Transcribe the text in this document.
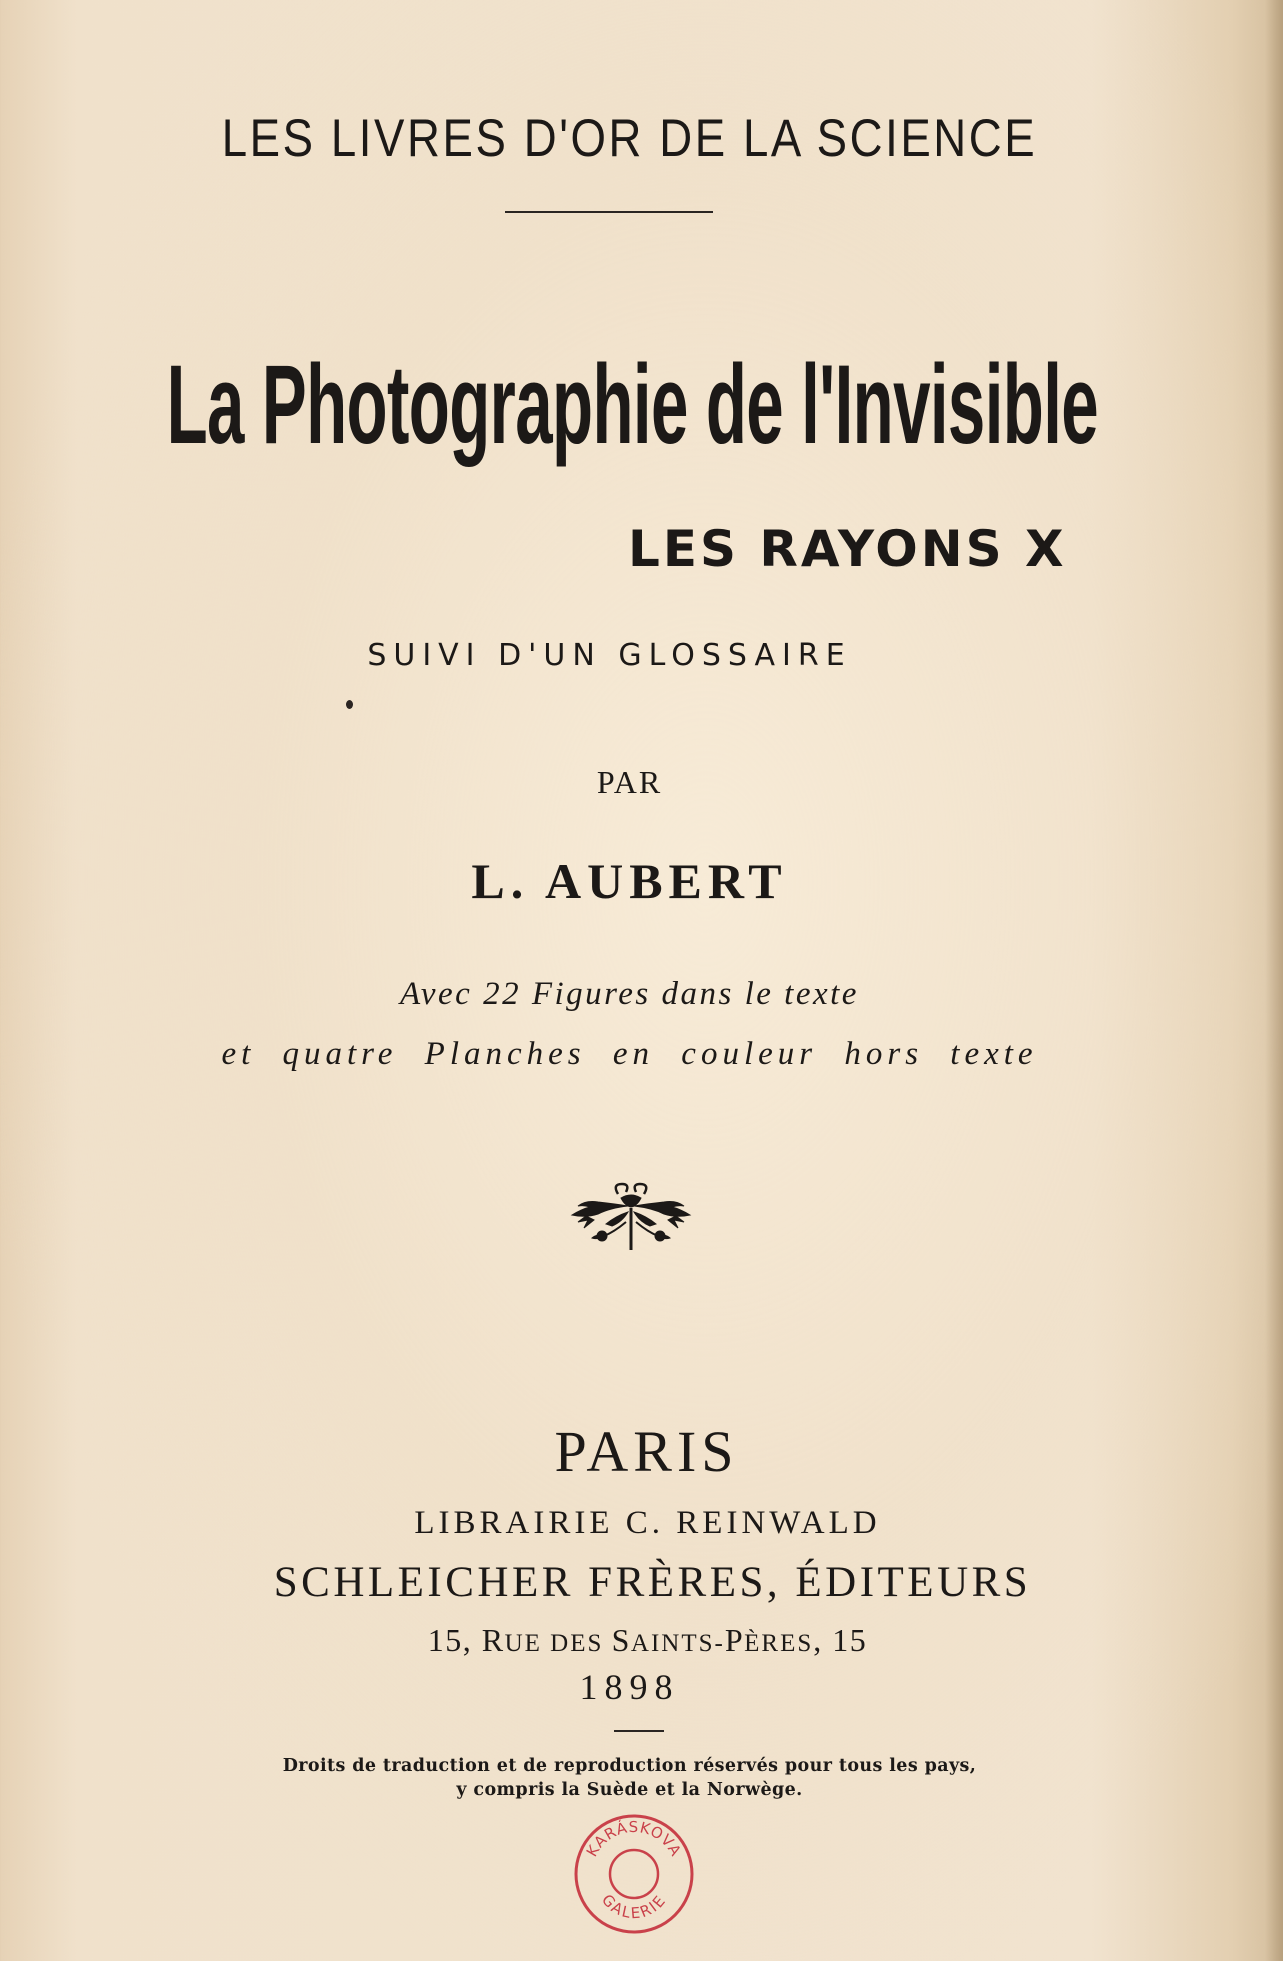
LES LIVRES D'OR DE LA SCIENCE
La Photographie de l'Invisible
LES RAYONS X
SUIVI D'UN GLOSSAIRE
PAR
L. AUBERT
Avec 22 Figures dans le texte
et quatre Planches en couleur hors texte
PARIS
LIBRAIRIE C. REINWALD
SCHLEICHER FRÈRES, ÉDITEURS
15, RUE DES SAINTS-PÈRES, 15
1898
Droits de traduction et de reproduction réservés pour tous les pays,
y compris la Suède et la Norwège.
KARÁSKOVA
GALERIE
